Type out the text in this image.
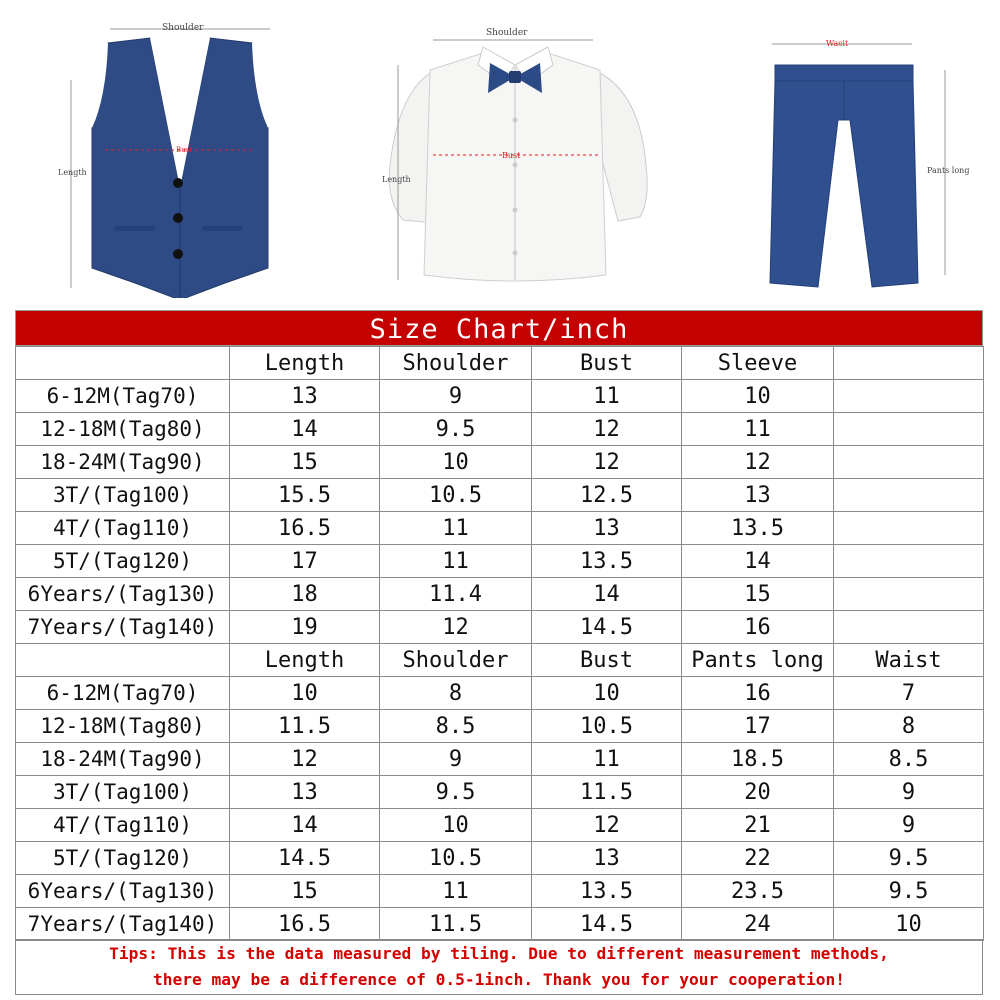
Shoulder
Length
Bust
Shoulder
Length
Bust
Wasit
Pants long
Size Chart/inch
	Length	Shoulder	Bust	Sleeve	
6-12M(Tag70)	13	9	11	10	
12-18M(Tag80)	14	9.5	12	11	
18-24M(Tag90)	15	10	12	12	
3T/(Tag100)	15.5	10.5	12.5	13	
4T/(Tag110)	16.5	11	13	13.5	
5T/(Tag120)	17	11	13.5	14	
6Years/(Tag130)	18	11.4	14	15	
7Years/(Tag140)	19	12	14.5	16	
	Length	Shoulder	Bust	Pants long	Waist
6-12M(Tag70)	10	8	10	16	7
12-18M(Tag80)	11.5	8.5	10.5	17	8
18-24M(Tag90)	12	9	11	18.5	8.5
3T/(Tag100)	13	9.5	11.5	20	9
4T/(Tag110)	14	10	12	21	9
5T/(Tag120)	14.5	10.5	13	22	9.5
6Years/(Tag130)	15	11	13.5	23.5	9.5
7Years/(Tag140)	16.5	11.5	14.5	24	10
Tips: This is the data measured by tiling. Due to different measurement methods,
there may be a difference of 0.5-1inch. Thank you for your cooperation!
